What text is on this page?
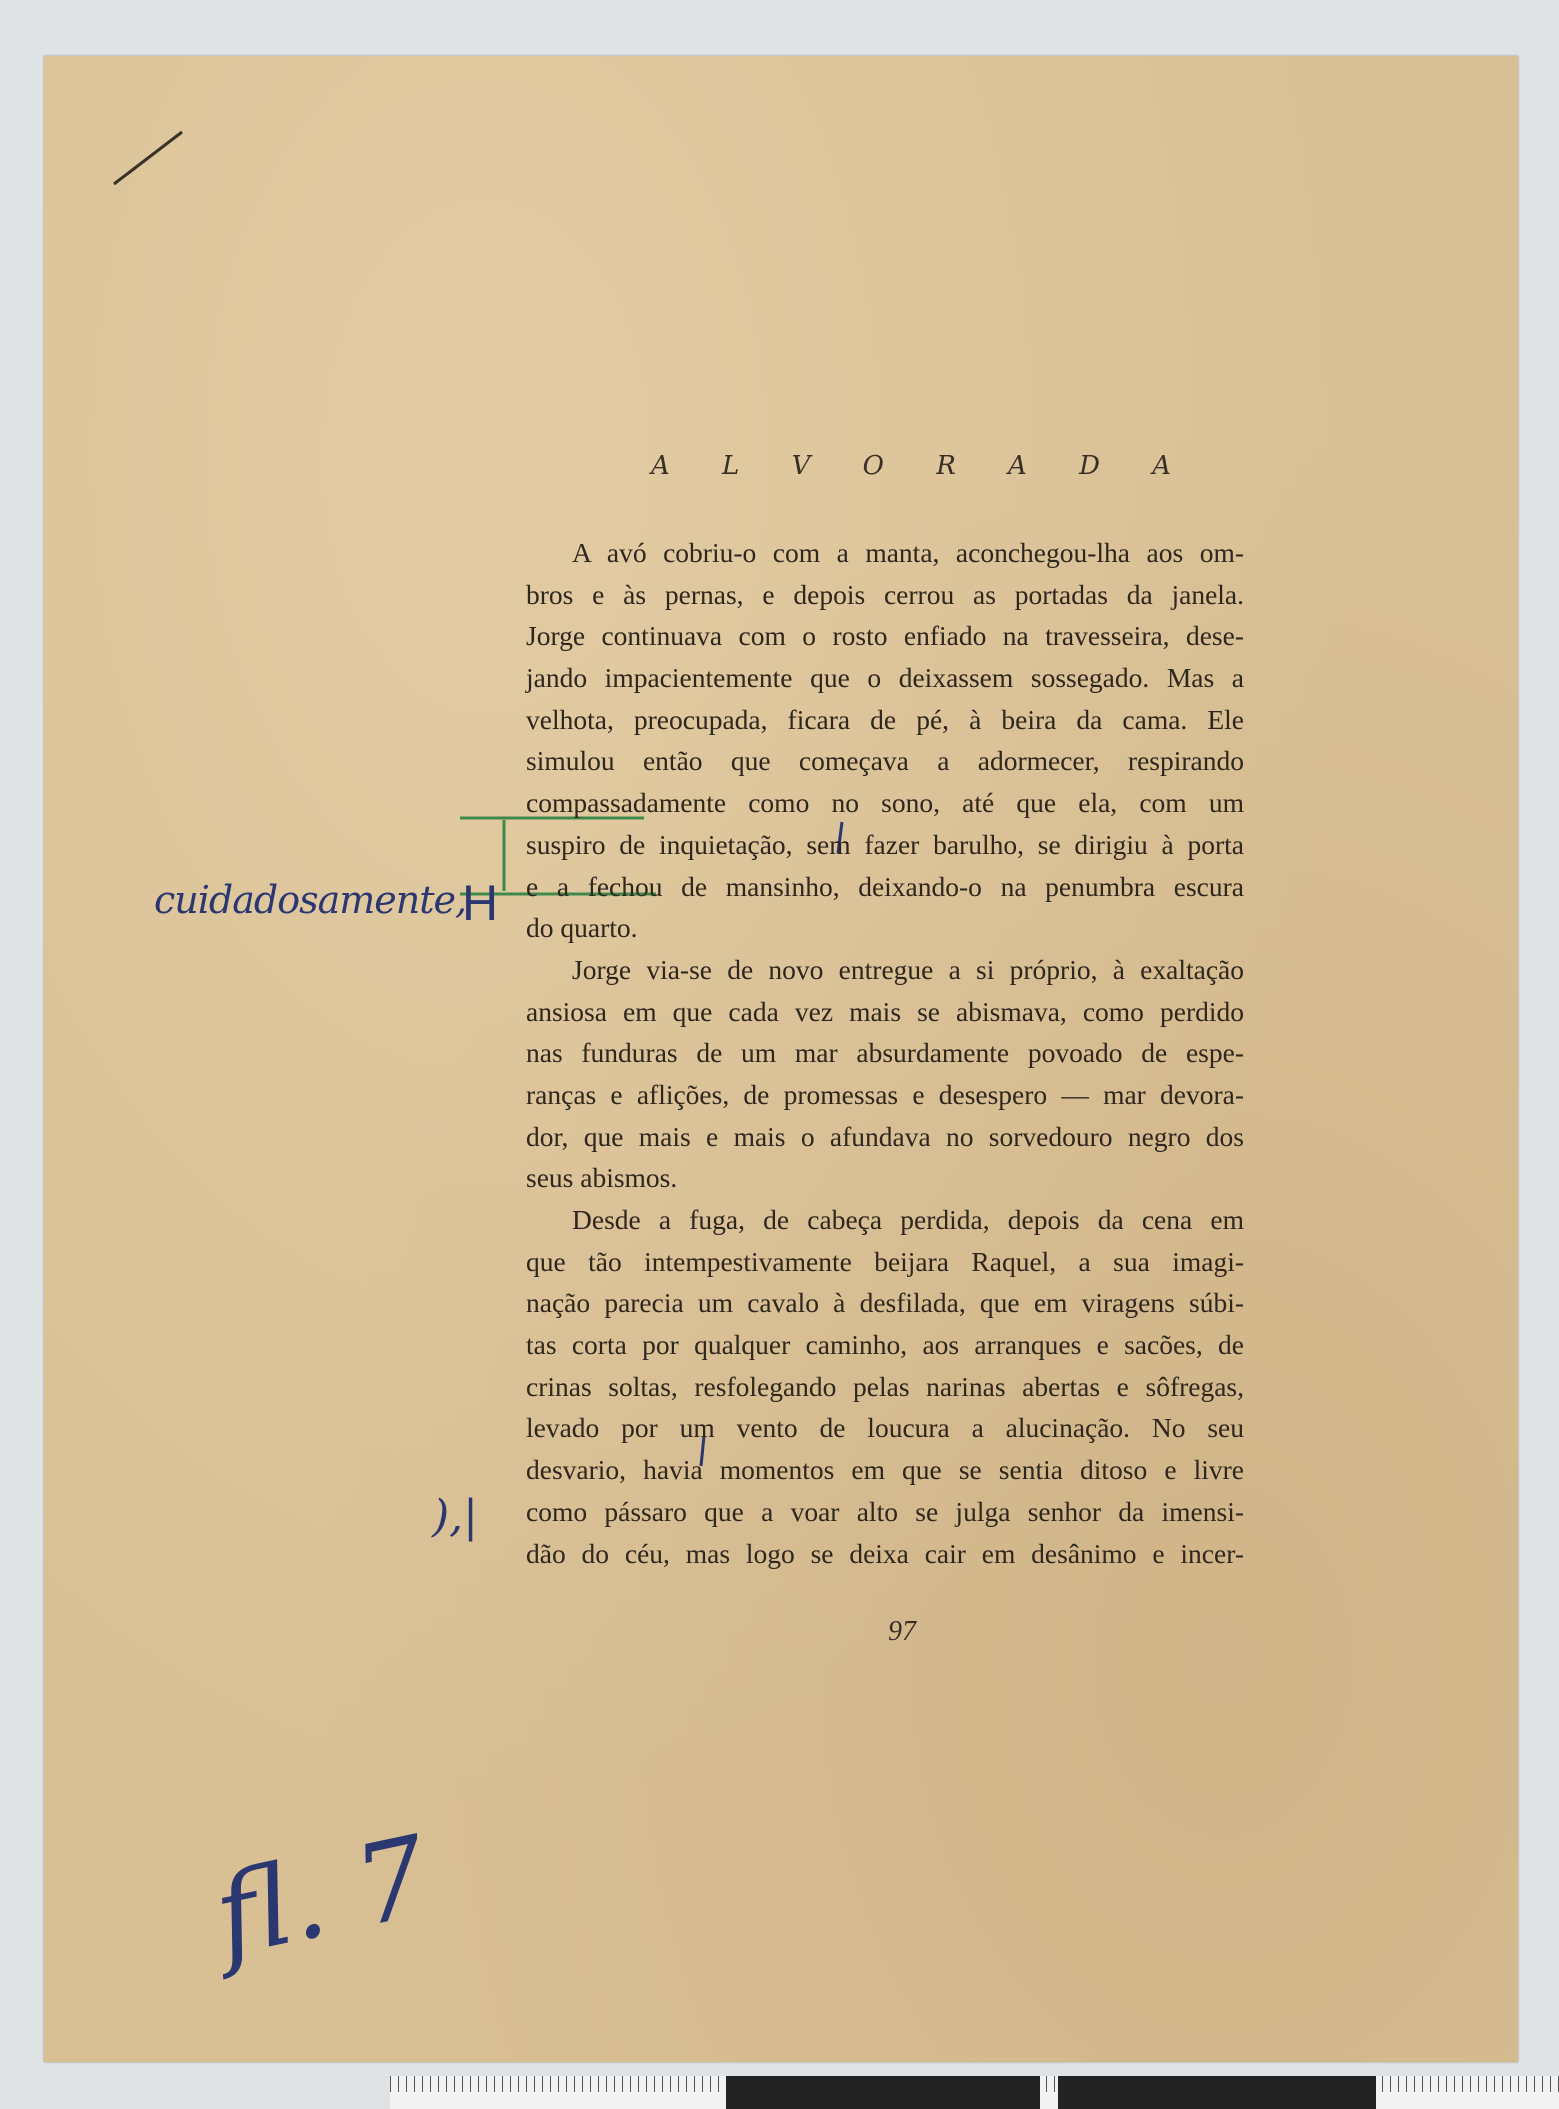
A L V O R A D A
A avó cobriu-o com a manta, aconchegou-lha aos om-
bros e às pernas, e depois cerrou as portadas da janela.
Jorge continuava com o rosto enfiado na travesseira, dese-
jando impacientemente que o deixassem sossegado. Mas a
velhota, preocupada, ficara de pé, à beira da cama. Ele
simulou então que começava a adormecer, respirando
compassadamente como no sono, até que ela, com um
suspiro de inquietação, sem fazer barulho, se dirigiu à porta
e a fechou de mansinho, deixando-o na penumbra escura
do quarto.
Jorge via-se de novo entregue a si próprio, à exaltação
ansiosa em que cada vez mais se abismava, como perdido
nas funduras de um mar absurdamente povoado de espe-
ranças e aflições, de promessas e desespero — mar devora-
dor, que mais e mais o afundava no sorvedouro negro dos
seus abismos.
Desde a fuga, de cabeça perdida, depois da cena em
que tão intempestivamente beijara Raquel, a sua imagi-
nação parecia um cavalo à desfilada, que em viragens súbi-
tas corta por qualquer caminho, aos arranques e sacões, de
crinas soltas, resfolegando pelas narinas abertas e sôfregas,
levado por um vento de loucura a alucinação. No seu
desvario, havia momentos em que se sentia ditoso e livre
como pássaro que a voar alto se julga senhor da imensi-
dão do céu, mas logo se deixa cair em desânimo e incer-
97
cuidadosamente,
H
),|
fl. 7
